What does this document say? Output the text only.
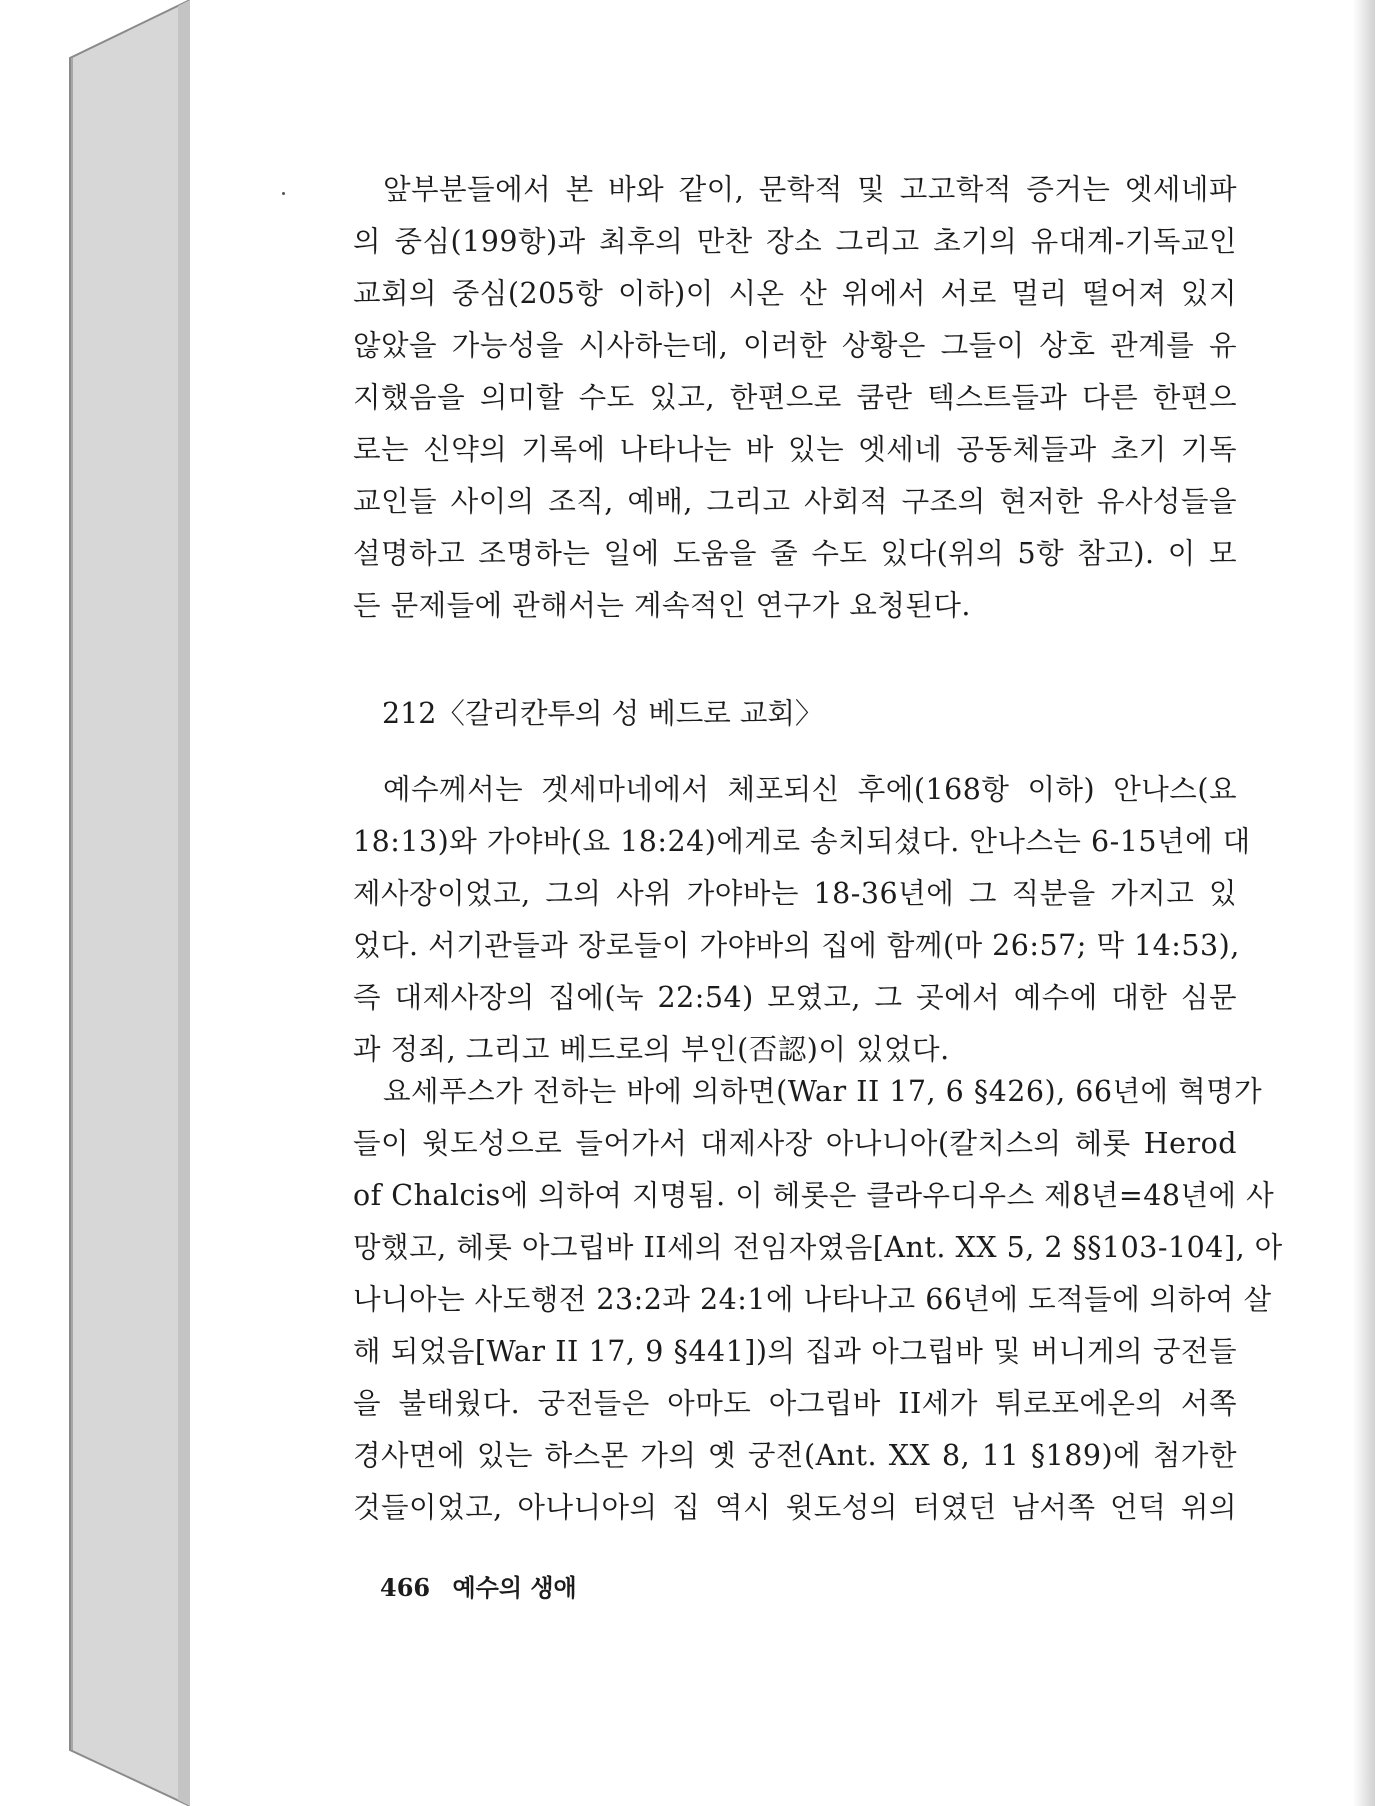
앞부분들에서 본 바와 같이, 문학적 및 고고학적 증거는 엣세네파
의 중심(199항)과 최후의 만찬 장소 그리고 초기의 유대계-기독교인
교회의 중심(205항 이하)이 시온 산 위에서 서로 멀리 떨어져 있지
않았을 가능성을 시사하는데, 이러한 상황은 그들이 상호 관계를 유
지했음을 의미할 수도 있고, 한편으로 쿰란 텍스트들과 다른 한편으
로는 신약의 기록에 나타나는 바 있는 엣세네 공동체들과 초기 기독
교인들 사이의 조직, 예배, 그리고 사회적 구조의 현저한 유사성들을
설명하고 조명하는 일에 도움을 줄 수도 있다(위의 5항 참고). 이 모
든 문제들에 관해서는 계속적인 연구가 요청된다.
212〈갈리칸투의 성 베드로 교회〉
예수께서는 겟세마네에서 체포되신 후에(168항 이하) 안나스(요
18:13)와 가야바(요 18:24)에게로 송치되셨다. 안나스는 6-15년에 대
제사장이었고, 그의 사위 가야바는 18-36년에 그 직분을 가지고 있
었다. 서기관들과 장로들이 가야바의 집에 함께(마 26:57; 막 14:53),
즉 대제사장의 집에(눅 22:54) 모였고, 그 곳에서 예수에 대한 심문
과 정죄, 그리고 베드로의 부인(否認)이 있었다.
요세푸스가 전하는 바에 의하면(War II 17, 6 §426), 66년에 혁명가
들이 윗도성으로 들어가서 대제사장 아나니아(칼치스의 헤롯 Herod
of Chalcis에 의하여 지명됨. 이 헤롯은 클라우디우스 제8년=48년에 사
망했고, 헤롯 아그립바 II세의 전임자였음[Ant. XX 5, 2 §§103-104], 아
나니아는 사도행전 23:2과 24:1에 나타나고 66년에 도적들에 의하여 살
해 되었음[War II 17, 9 §441])의 집과 아그립바 및 버니게의 궁전들
을 불태웠다. 궁전들은 아마도 아그립바 II세가 튀로포에온의 서쪽
경사면에 있는 하스몬 가의 옛 궁전(Ant. XX 8, 11 §189)에 첨가한
것들이었고, 아나니아의 집 역시 윗도성의 터였던 남서쪽 언덕 위의
466 예수의 생애
